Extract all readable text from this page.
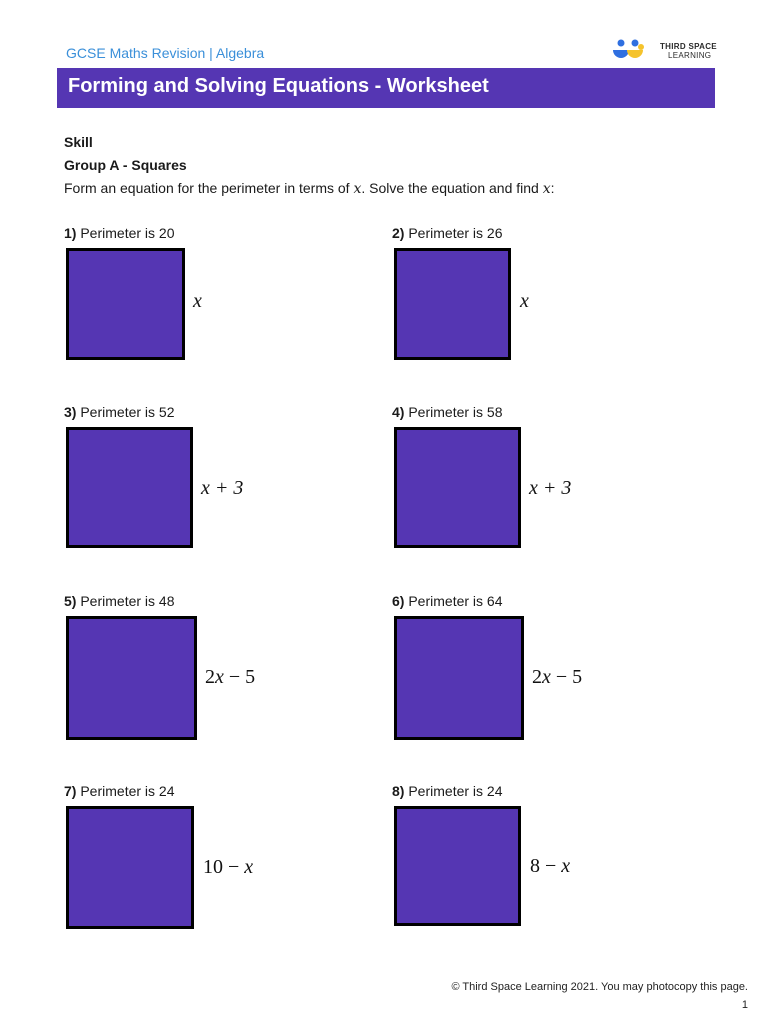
GCSE Maths Revision | Algebra	THIRD SPACE
LEARNING
Forming and Solving Equations - Worksheet
Skill
Group A - Squares
Form an equation for the perimeter in terms of x. Solve the equation and find x:
1) Perimeter is 20
x
2) Perimeter is 26
x
3) Perimeter is 52
x + 3
4) Perimeter is 58
x + 3
5) Perimeter is 48
2x − 5
6) Perimeter is 64
2x − 5
7) Perimeter is 24
10 − x
8) Perimeter is 24
8 − x
© Third Space Learning 2021. You may photocopy this page.
1
